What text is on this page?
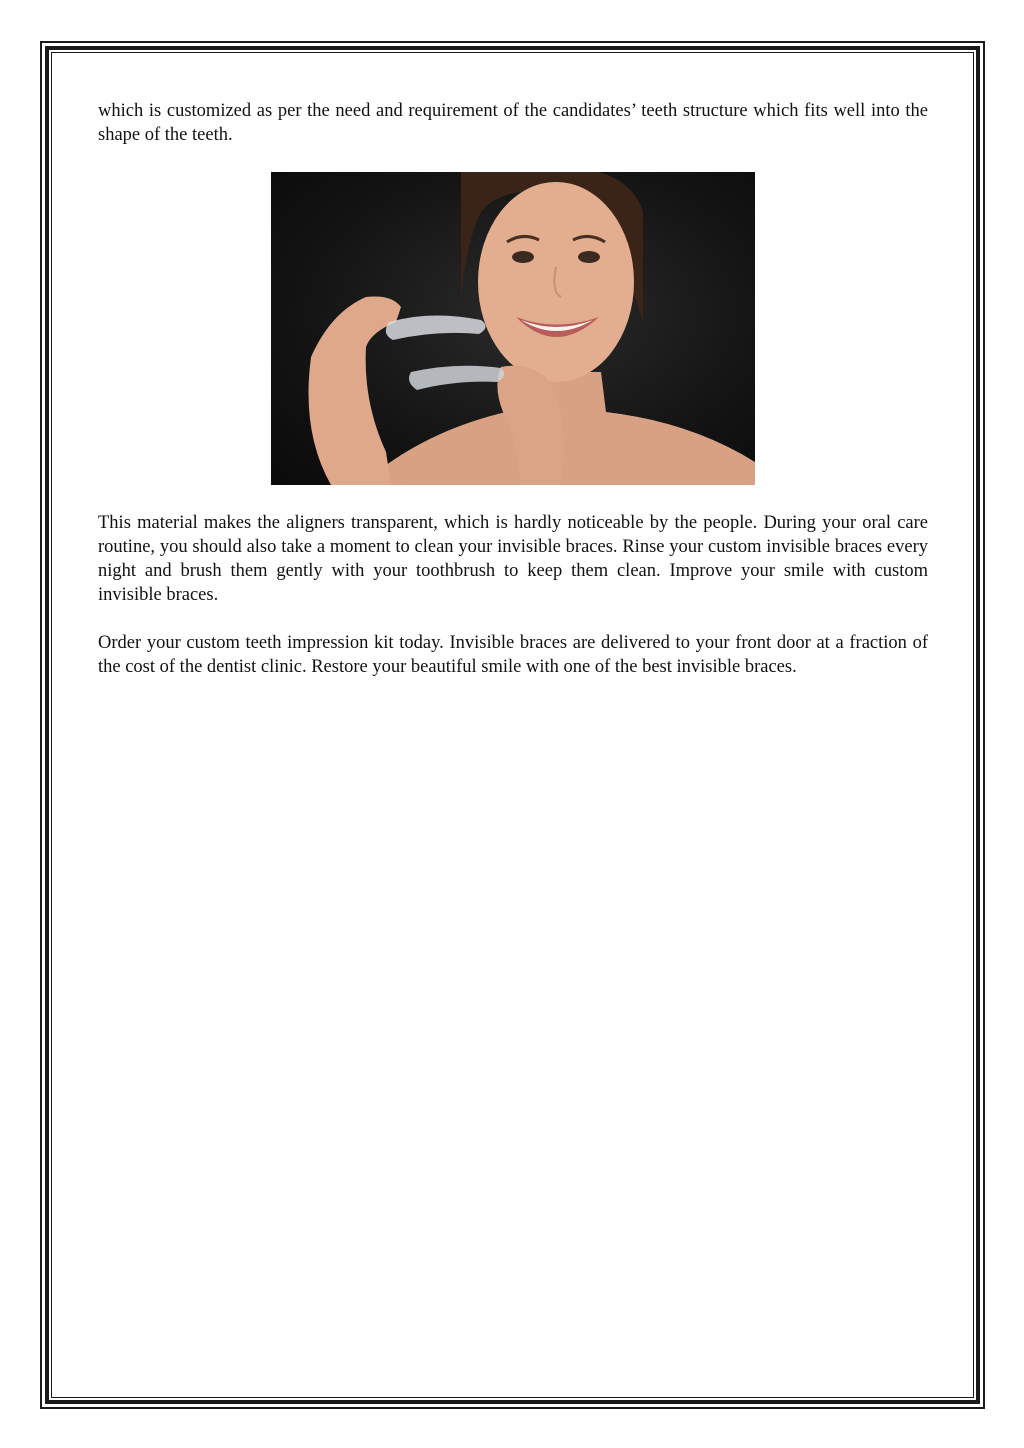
which is customized as per the need and requirement of the candidates’ teeth structure which fits well into the shape of the teeth.

This material makes the aligners transparent, which is hardly noticeable by the people. During your oral care routine, you should also take a moment to clean your invisible braces. Rinse your custom invisible braces every night and brush them gently with your toothbrush to keep them clean. Improve your smile with custom invisible braces.

Order your custom teeth impression kit today. Invisible braces are delivered to your front door at a fraction of the cost of the dentist clinic. Restore your beautiful smile with one of the best invisible braces.
